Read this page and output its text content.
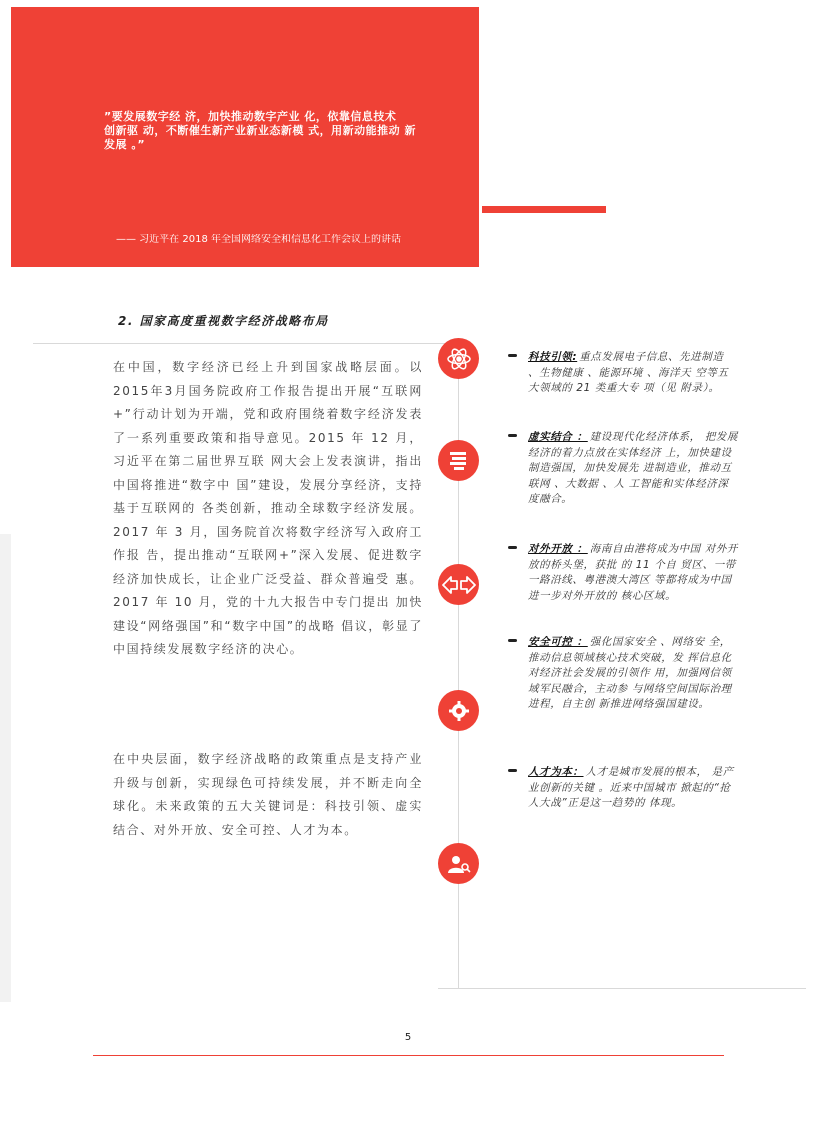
”要发展数字经 济，加快推动数字产业 化，依靠信息技术

创新驱 动，不断催生新产业新业态新模 式，用新动能推动 新发展 。”

—— 习近平在 2018 年全国网络安全和信息化工作会议上的讲话
2. 国家高度重视数字经济战略布局

在中国，数字经济已经上升到国家战略层面。以2015年3月国务院政府工作报告提出开展“互联网+”行动计划为开端，党和政府围绕着数字经济发表了一系列重要政策和指导意见。2015 年 12 月，习近平在第二届世界互联 网大会上发表演讲，指出中国将推进“数字中 国”建设，发展分享经济，支持基于互联网的 各类创新，推动全球数字经济发展。2017 年 3 月，国务院首次将数字经济写入政府工作报 告，提出推动“互联网+”深入发展、促进数字 经济加快成长，让企业广泛受益、群众普遍受 惠。2017 年 10 月，党的十九大报告中专门提出 加快建设“网络强国”和“数字中国”的战略 倡议，彰显了中国持续发展数字经济的决心。

在中央层面，数字经济战略的政策重点是支持产业升级与创新，实现绿色可持续发展，并不断走向全球化。未来政策的五大关键词是：科技引领、虚实结合、对外开放、安全可控、人才为本。

科技引领: 重点发展电子信息、先进制造 、生物健康 、能源环境 、海洋天 空等五大领域的 21 类重大专 项（见 附录）。

虚实结合 ： 建设现代化经济体系， 把发展经济的着力点放在实体经济 上，加快建设制造强国，加快发展先 进制造业，推动互联网 、大数据 、人 工智能和实体经济深度融合。

对外开放 ： 海南自由港将成为中国 对外开放的桥头堡，获批 的 11 个自 贸区、一带一路沿线、粤港澳大湾区 等都将成为中国进一步对外开放的 核心区域。

安全可控 ： 强化国家安全 、网络安 全，推动信息领域核心技术突破，发 挥信息化对经济社会发展的引领作 用，加强网信领域军民融合，主动参 与网络空间国际治理进程，自主创 新推进网络强国建设。

人才为本： 人才是城市发展的根本， 是产业创新的关键 。近来中国城市 掀起的“抢人大战”正是这一趋势的 体现。

5
